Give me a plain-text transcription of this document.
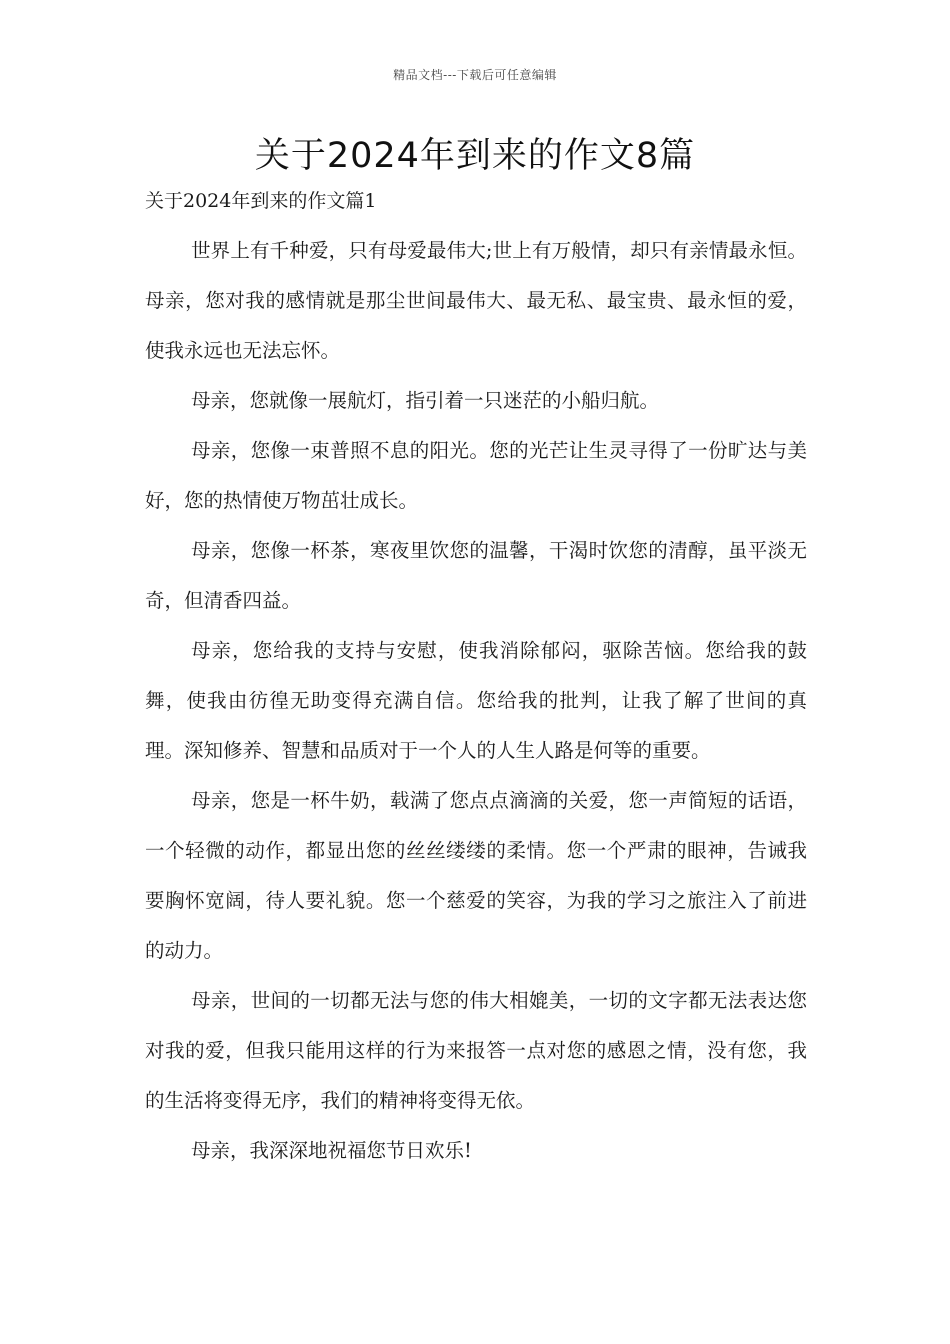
精品文档---下载后可任意编辑
关于2024年到来的作文8篇
关于2024年到来的作文篇1

世界上有千种爱，只有母爱最伟大;世上有万般情，却只有亲情最永恒。母亲，您对我的感情就是那尘世间最伟大、最无私、最宝贵、最永恒的爱，使我永远也无法忘怀。

母亲，您就像一展航灯，指引着一只迷茫的小船归航。

母亲，您像一束普照不息的阳光。您的光芒让生灵寻得了一份旷达与美好，您的热情使万物茁壮成长。

母亲，您像一杯茶，寒夜里饮您的温馨，干渴时饮您的清醇，虽平淡无奇，但清香四益。

母亲，您给我的支持与安慰，使我消除郁闷，驱除苦恼。您给我的鼓舞，使我由彷徨无助变得充满自信。您给我的批判，让我了解了世间的真理。深知修养、智慧和品质对于一个人的人生人路是何等的重要。

母亲，您是一杯牛奶，载满了您点点滴滴的关爱，您一声简短的话语，一个轻微的动作，都显出您的丝丝缕缕的柔情。您一个严肃的眼神，告诫我要胸怀宽阔，待人要礼貌。您一个慈爱的笑容，为我的学习之旅注入了前进的动力。

母亲，世间的一切都无法与您的伟大相媲美，一切的文字都无法表达您对我的爱，但我只能用这样的行为来报答一点对您的感恩之情，没有您，我的生活将变得无序，我们的精神将变得无依。

母亲，我深深地祝福您节日欢乐!
